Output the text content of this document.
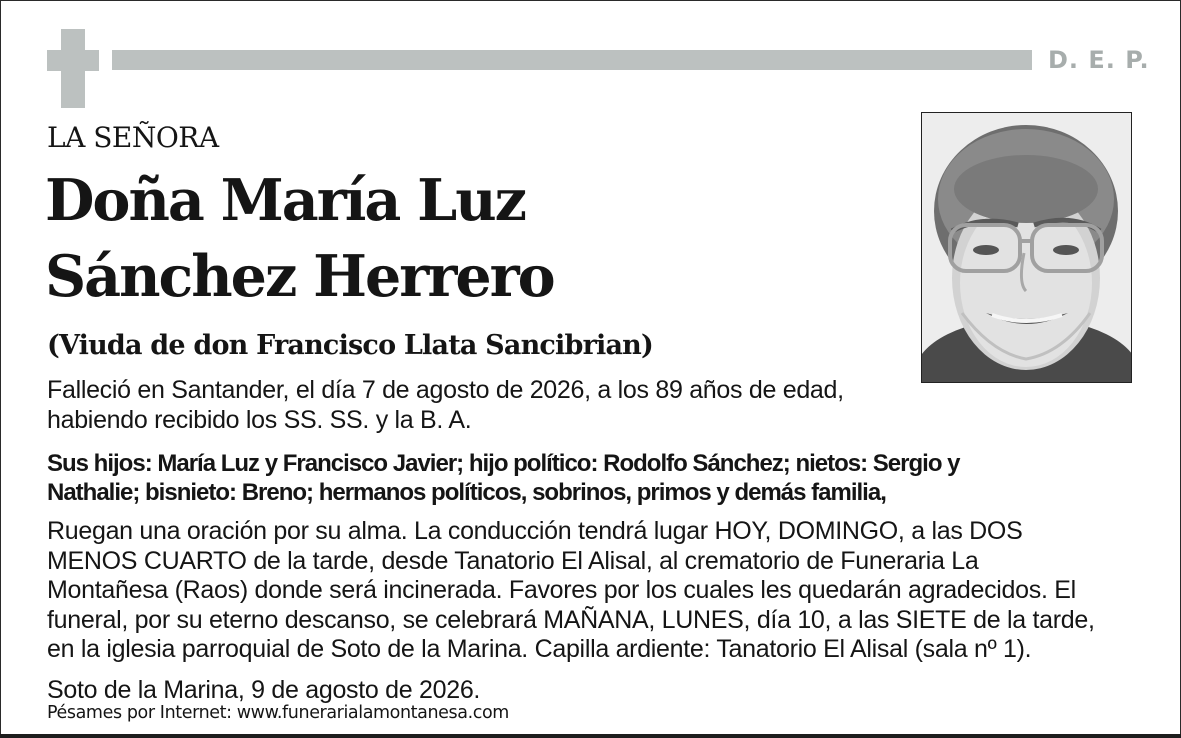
D. E. P.
LA SEÑORA
Doña María Luz
Sánchez Herrero
(Viuda de don Francisco Llata Sancibrian)

Falleció en Santander, el día 7 de agosto de 2026, a los 89 años de edad,
habiendo recibido los SS. SS. y la B. A.

Sus hijos: María Luz y Francisco Javier; hijo político: Rodolfo Sánchez; nietos: Sergio y
Nathalie; bisnieto: Breno; hermanos políticos, sobrinos, primos y demás familia,

Ruegan una oración por su alma. La conducción tendrá lugar HOY, DOMINGO, a las DOS
MENOS CUARTO de la tarde, desde Tanatorio El Alisal, al crematorio de Funeraria La
Montañesa (Raos) donde será incinerada. Favores por los cuales les quedarán agradecidos. El
funeral, por su eterno descanso, se celebrará MAÑANA, LUNES, día 10, a las SIETE de la tarde,
en la iglesia parroquial de Soto de la Marina. Capilla ardiente: Tanatorio El Alisal (sala nº 1).

Soto de la Marina, 9 de agosto de 2026.
Pésames por Internet: www.funerarialamontanesa.com
